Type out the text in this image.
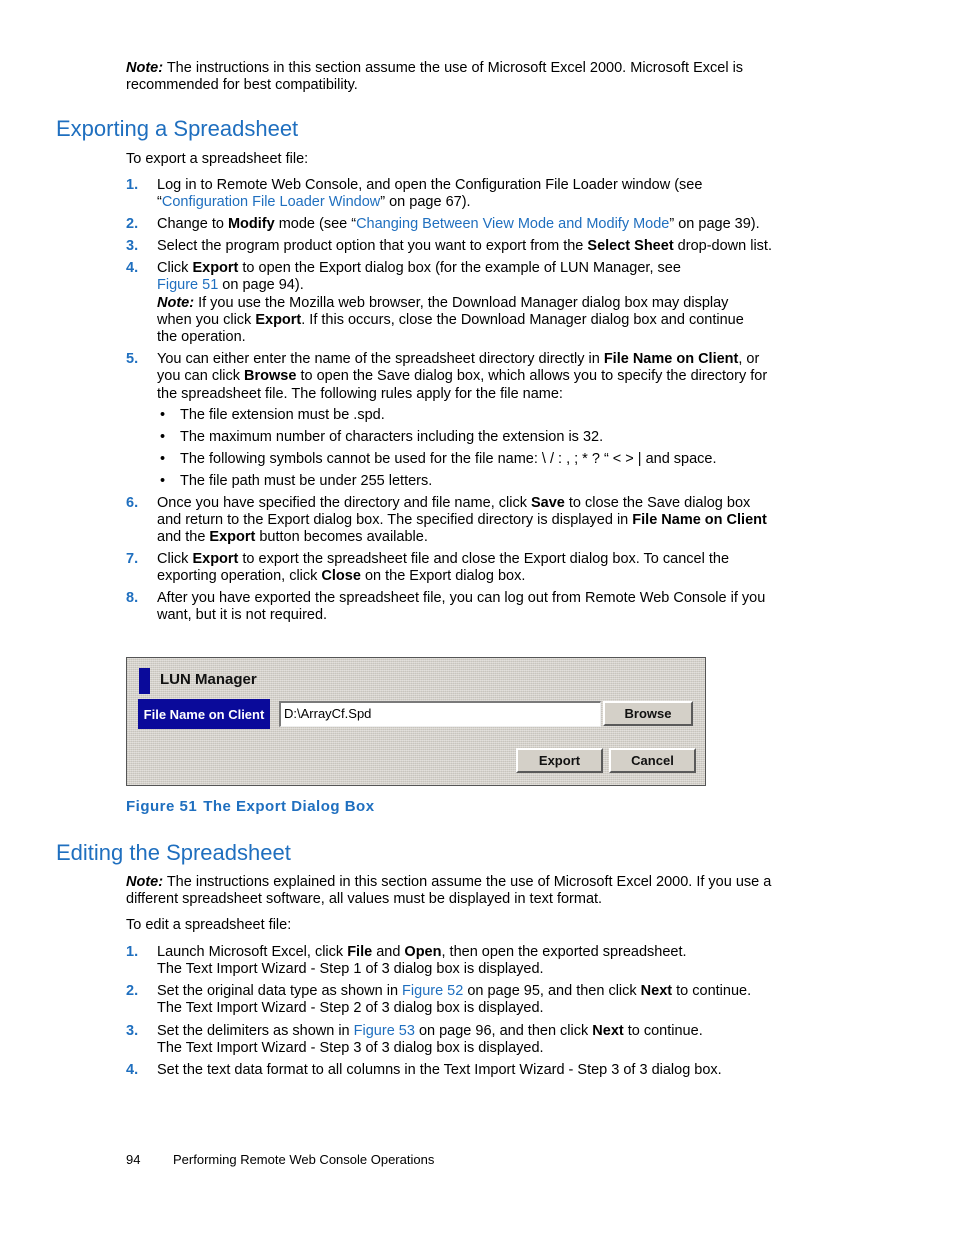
Note: The instructions in this section assume the use of Microsoft Excel 2000. Microsoft Excel is
recommended for best compatibility.
Exporting a Spreadsheet
To export a spreadsheet file:
1. Log in to Remote Web Console, and open the Configuration File Loader window (see
“Configuration File Loader Window” on page 67).
2. Change to Modify mode (see “Changing Between View Mode and Modify Mode” on page 39).
3. Select the program product option that you want to export from the Select Sheet drop-down list.
4. Click Export to open the Export dialog box (for the example of LUN Manager, see
Figure 51 on page 94).
Note: If you use the Mozilla web browser, the Download Manager dialog box may display
when you click Export. If this occurs, close the Download Manager dialog box and continue
the operation.
5. You can either enter the name of the spreadsheet directory directly in File Name on Client, or
you can click Browse to open the Save dialog box, which allows you to specify the directory for
the spreadsheet file. The following rules apply for the file name:
• The file extension must be .spd.
• The maximum number of characters including the extension is 32.
• The following symbols cannot be used for the file name: \ / : , ; * ? “ < > | and space.
• The file path must be under 255 letters.
6. Once you have specified the directory and file name, click Save to close the Save dialog box
and return to the Export dialog box. The specified directory is displayed in File Name on Client
and the Export button becomes available.
7. Click Export to export the spreadsheet file and close the Export dialog box. To cancel the
exporting operation, click Close on the Export dialog box.
8. After you have exported the spreadsheet file, you can log out from Remote Web Console if you
want, but it is not required.
LUN Manager
File Name on Client	D:\ArrayCf.Spd	Browse
Export	Cancel
Figure 51 The Export Dialog Box
Editing the Spreadsheet
Note: The instructions explained in this section assume the use of Microsoft Excel 2000. If you use a
different spreadsheet software, all values must be displayed in text format.
To edit a spreadsheet file:
1. Launch Microsoft Excel, click File and Open, then open the exported spreadsheet.
The Text Import Wizard - Step 1 of 3 dialog box is displayed.
2. Set the original data type as shown in Figure 52 on page 95, and then click Next to continue.
The Text Import Wizard - Step 2 of 3 dialog box is displayed.
3. Set the delimiters as shown in Figure 53 on page 96, and then click Next to continue.
The Text Import Wizard - Step 3 of 3 dialog box is displayed.
4. Set the text data format to all columns in the Text Import Wizard - Step 3 of 3 dialog box.
94	Performing Remote Web Console Operations
